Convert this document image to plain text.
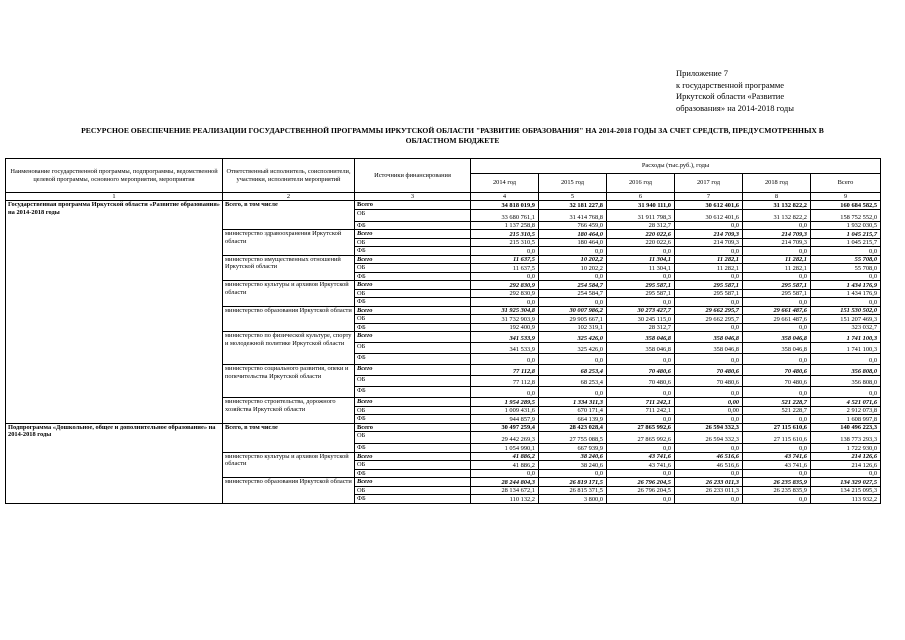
Приложение 7
к государственной программе
Иркутской области «Развитие
образования» на 2014-2018 годы
РЕСУРСНОЕ ОБЕСПЕЧЕНИЕ РЕАЛИЗАЦИИ ГОСУДАРСТВЕННОЙ ПРОГРАММЫ ИРКУТСКОЙ ОБЛАСТИ "РАЗВИТИЕ ОБРАЗОВАНИЯ" НА 2014-2018 ГОДЫ ЗА СЧЕТ СРЕДСТВ, ПРЕДУСМОТРЕННЫХ В
ОБЛАСТНОМ БЮДЖЕТЕ
Наименование государственной программы, подпрограммы, ведомственной целевой программы, основного мероприятия, мероприятия	Ответственный исполнитель, соисполнители, участники, исполнители мероприятий	Источники финансирования	Расходы (тыс.руб.), годы					
			2014 год	2015 год	2016 год	2017 год	2018 год	Всего
1	2	3	4	5	6	7	8	9
Государственная программа Иркутской области «Развитие образования» на 2014-2018 годы	Всего, в том числе	Всего	34 818 019,9	32 181 227,8	31 940 111,0	30 612 401,6	31 132 822,2	160 684 582,5
		ОБ	33 680 761,1	31 414 768,8	31 911 798,3	30 612 401,6	31 132 822,2	158 752 552,0
		ФБ	1 137 258,8	766 459,0	28 312,7	0,0	0,0	1 932 030,5
	министерство здравоохранения Иркутской области	Всего	215 310,5	180 464,0	220 022,6	214 709,3	214 709,3	1 045 215,7
		ОБ	215 310,5	180 464,0	220 022,6	214 709,3	214 709,3	1 045 215,7
		ФБ	0,0	0,0	0,0	0,0	0,0	0,0
	министерство имущественных отношений Иркутской области	Всего	11 637,5	10 202,2	11 304,1	11 282,1	11 282,1	55 708,0
		ОБ	11 637,5	10 202,2	11 304,1	11 282,1	11 282,1	55 708,0
		ФБ	0,0	0,0	0,0	0,0	0,0	0,0
	министерство культуры и архивов Иркутской области	Всего	292 830,9	254 584,7	295 587,1	295 587,1	295 587,1	1 434 176,9
		ОБ	292 830,9	254 584,7	295 587,1	295 587,1	295 587,1	1 434 176,9
		ФБ	0,0	0,0	0,0	0,0	0,0	0,0
	министерство образования Иркутской области	Всего	31 925 304,8	30 007 986,2	30 273 427,7	29 662 295,7	29 661 487,6	151 530 502,0
		ОБ	31 732 903,9	29 905 667,1	30 245 115,0	29 662 295,7	29 661 487,6	151 207 469,3
		ФБ	192 400,9	102 319,1	28 312,7	0,0	0,0	323 032,7
	министерство по физической культуре, спорту и молодежной политике Иркутской области	Всего	341 533,9	325 426,0	358 046,8	358 046,8	358 046,8	1 741 100,3
		ОБ	341 533,9	325 426,0	358 046,8	358 046,8	358 046,8	1 741 100,3
		ФБ	0,0	0,0	0,0	0,0	0,0	0,0
	министерство социального развития, опеки и попечительства Иркутской области	Всего	77 112,8	68 253,4	70 480,6	70 480,6	70 480,6	356 808,0
		ОБ	77 112,8	68 253,4	70 480,6	70 480,6	70 480,6	356 808,0
		ФБ	0,0	0,0	0,0	0,0	0,0	0,0
	министерство строительства, дорожного хозяйства Иркутской области	Всего	1 954 289,5	1 334 311,3	711 242,1	0,00	521 228,7	4 521 071,6
		ОБ	1 009 431,6	670 171,4	711 242,1	0,00	521 228,7	2 912 073,8
		ФБ	944 857,9	664 139,9	0,0	0,0	0,0	1 608 997,8
Подпрограмма «Дошкольное, общее и дополнительное образование» на 2014-2018 годы	Всего, в том числе	Всего	30 497 259,4	28 423 028,4	27 865 992,6	26 594 332,3	27 115 610,6	140 496 223,3
		ОБ	29 442 269,3	27 755 088,5	27 865 992,6	26 594 332,3	27 115 610,6	138 773 293,3
		ФБ	1 054 990,1	667 939,9	0,0	0,0	0,0	1 722 930,0
	министерство культуры и архивов Иркутской области	Всего	41 886,2	38 240,6	43 741,6	46 516,6	43 741,6	214 126,6
		ОБ	41 886,2	38 240,6	43 741,6	46 516,6	43 741,6	214 126,6
		ФБ	0,0	0,0	0,0	0,0	0,0	0,0
	министерство образования Иркутской области	Всего	28 244 804,3	26 819 171,5	26 796 204,5	26 233 011,3	26 235 835,9	134 329 027,5
		ОБ	28 134 672,1	26 815 371,5	26 796 204,5	26 233 011,3	26 235 835,9	134 215 095,3
		ФБ	110 132,2	3 800,0	0,0	0,0	0,0	113 932,2
